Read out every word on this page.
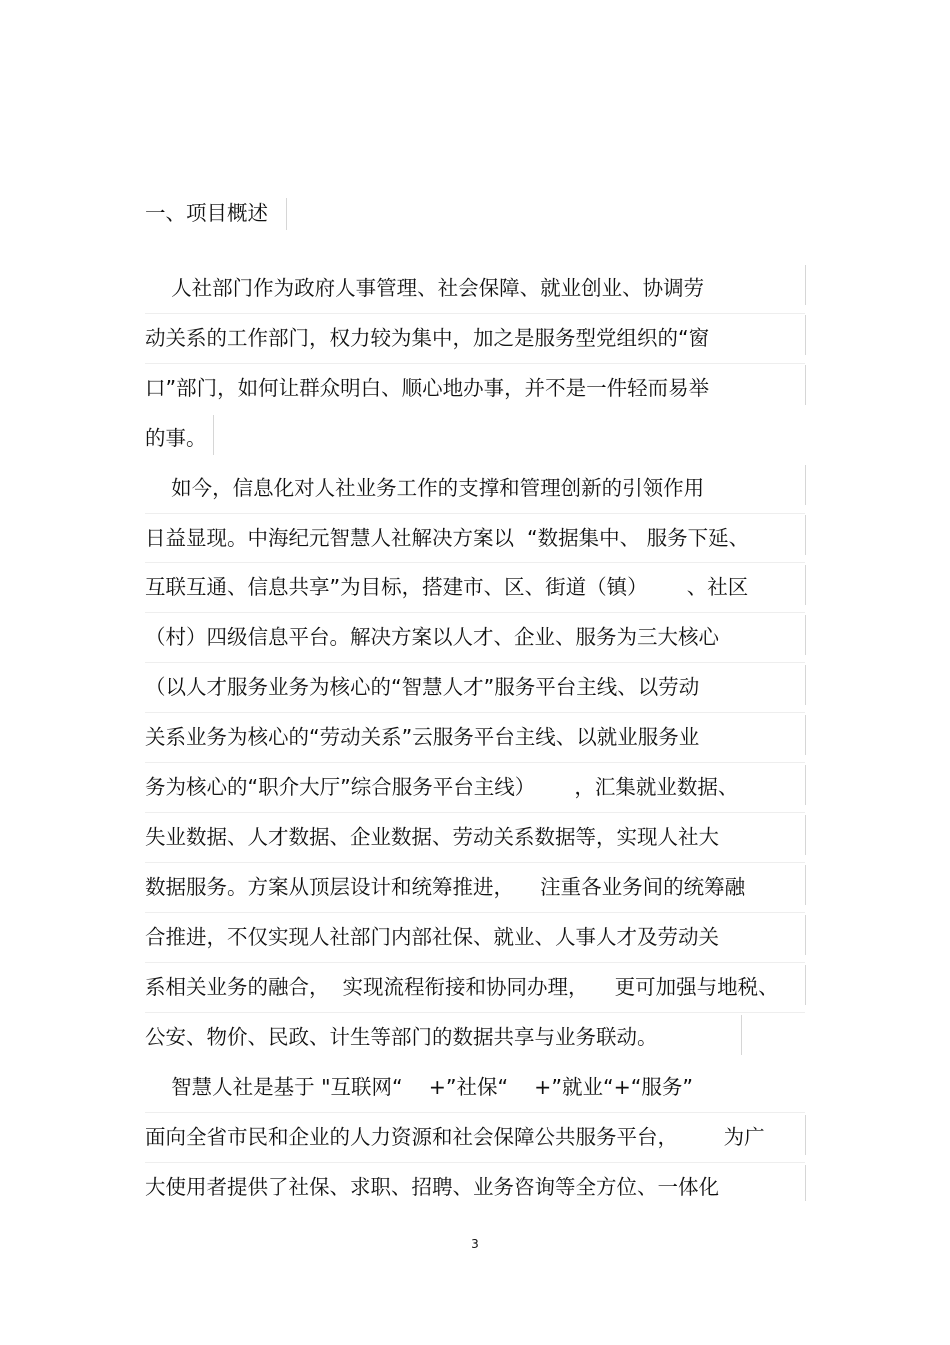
一、项目概述
人社部门作为政府人事管理、社会保障、就业创业、协调劳
动关系的工作部门，权力较为集中，加之是服务型党组织的“窗
口”部门，如何让群众明白、顺心地办事，并不是一件轻而易举
的事。
如今，信息化对人社业务工作的支撑和管理创新的引领作用
日益显现。中海纪元智慧人社解决方案以  “数据集中、 服务下延、
互联互通、信息共享”为目标，搭建市、区、街道（镇）      、社区
（村）四级信息平台。解决方案以人才、企业、服务为三大核心
（以人才服务业务为核心的“智慧人才”服务平台主线、以劳动
关系业务为核心的“劳动关系”云服务平台主线、以就业服务业
务为核心的“职介大厅”综合服务平台主线）      ，汇集就业数据、
失业数据、人才数据、企业数据、劳动关系数据等，实现人社大
数据服务。方案从顶层设计和统筹推进，    注重各业务间的统筹融
合推进，不仅实现人社部门内部社保、就业、人事人才及劳动关
系相关业务的融合，  实现流程衔接和协同办理，    更可加强与地税、
公安、物价、民政、计生等部门的数据共享与业务联动。
智慧人社是基于 "互联网“    +”社保“    +”就业“+“服务”
面向全省市民和企业的人力资源和社会保障公共服务平台，       为广
大使用者提供了社保、求职、招聘、业务咨询等全方位、一体化
3
